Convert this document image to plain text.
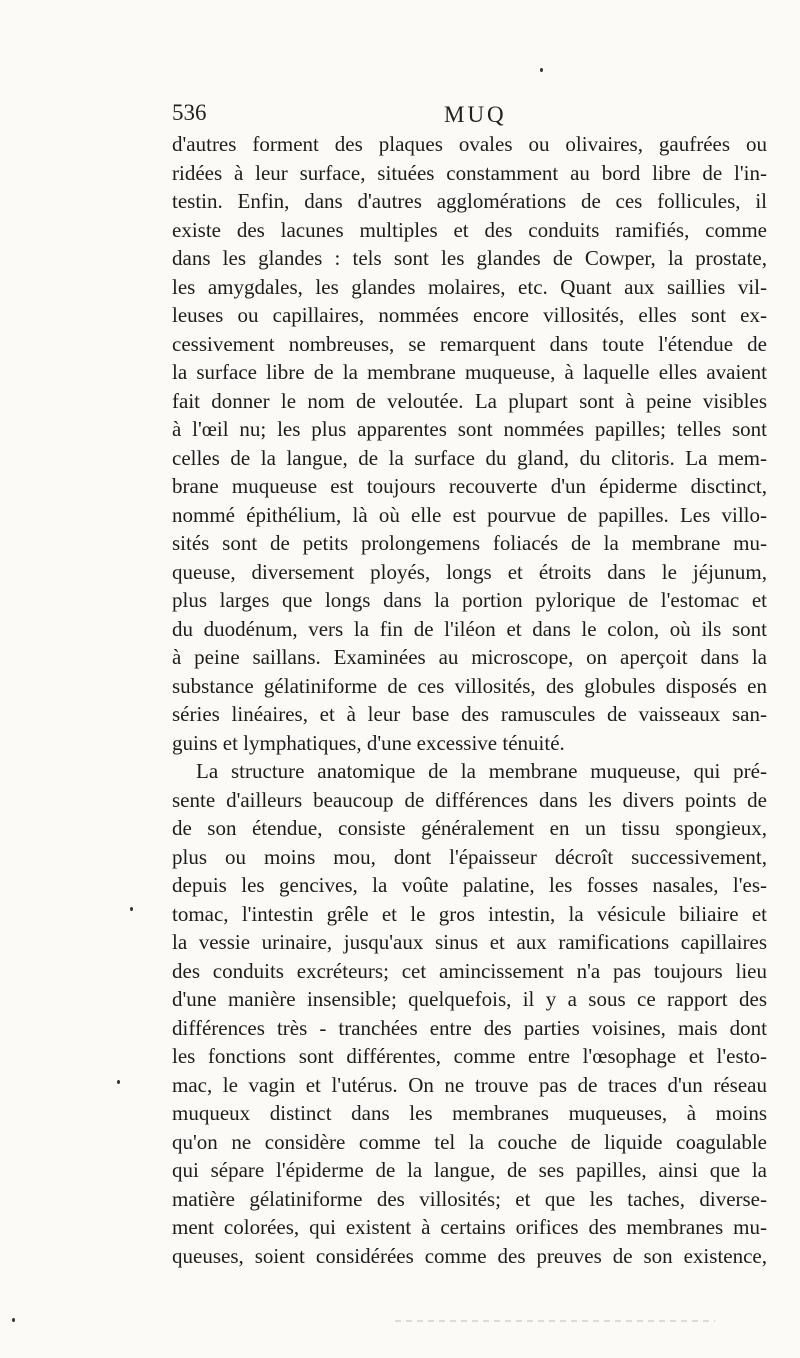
536	MUQ
d'autres forment des plaques ovales ou olivaires, gaufrées ou
ridées à leur surface, situées constamment au bord libre de l'in-
testin. Enfin, dans d'autres agglomérations de ces follicules, il
existe des lacunes multiples et des conduits ramifiés, comme
dans les glandes : tels sont les glandes de Cowper, la prostate,
les amygdales, les glandes molaires, etc. Quant aux saillies vil-
leuses ou capillaires, nommées encore villosités, elles sont ex-
cessivement nombreuses, se remarquent dans toute l'étendue de
la surface libre de la membrane muqueuse, à laquelle elles avaient
fait donner le nom de veloutée. La plupart sont à peine visibles
à l'œil nu; les plus apparentes sont nommées papilles; telles sont
celles de la langue, de la surface du gland, du clitoris. La mem-
brane muqueuse est toujours recouverte d'un épiderme disctinct,
nommé épithélium, là où elle est pourvue de papilles. Les villo-
sités sont de petits prolongemens foliacés de la membrane mu-
queuse, diversement ployés, longs et étroits dans le jéjunum,
plus larges que longs dans la portion pylorique de l'estomac et
du duodénum, vers la fin de l'iléon et dans le colon, où ils sont
à peine saillans. Examinées au microscope, on aperçoit dans la
substance gélatiniforme de ces villosités, des globules disposés en
séries linéaires, et à leur base des ramuscules de vaisseaux san-
guins et lymphatiques, d'une excessive ténuité.
La structure anatomique de la membrane muqueuse, qui pré-
sente d'ailleurs beaucoup de différences dans les divers points de
de son étendue, consiste généralement en un tissu spongieux,
plus ou moins mou, dont l'épaisseur décroît successivement,
depuis les gencives, la voûte palatine, les fosses nasales, l'es-
tomac, l'intestin grêle et le gros intestin, la vésicule biliaire et
la vessie urinaire, jusqu'aux sinus et aux ramifications capillaires
des conduits excréteurs; cet amincissement n'a pas toujours lieu
d'une manière insensible; quelquefois, il y a sous ce rapport des
différences très - tranchées entre des parties voisines, mais dont
les fonctions sont différentes, comme entre l'œsophage et l'esto-
mac, le vagin et l'utérus. On ne trouve pas de traces d'un réseau
muqueux distinct dans les membranes muqueuses, à moins
qu'on ne considère comme tel la couche de liquide coagulable
qui sépare l'épiderme de la langue, de ses papilles, ainsi que la
matière gélatiniforme des villosités; et que les taches, diverse-
ment colorées, qui existent à certains orifices des membranes mu-
queuses, soient considérées comme des preuves de son existence,
